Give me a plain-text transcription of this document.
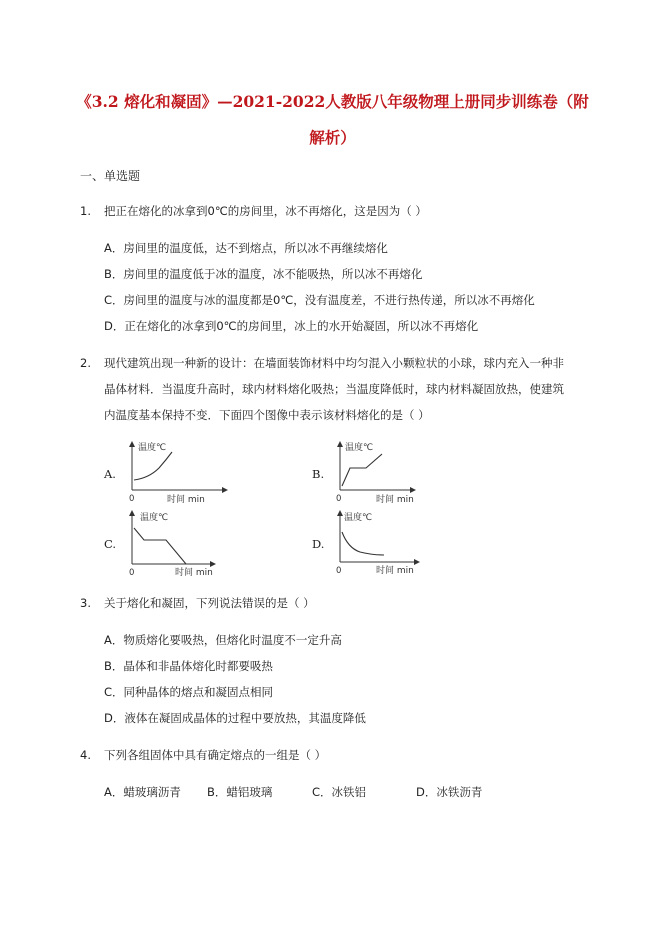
《3.2 熔化和凝固》—2021-2022人教版八年级物理上册同步训练卷（附
解析）
一、单选题
1. 把正在熔化的冰拿到0℃的房间里，冰不再熔化，这是因为（ ）
A．房间里的温度低，达不到熔点，所以冰不再继续熔化
B．房间里的温度低于冰的温度，冰不能吸热，所以冰不再熔化
C．房间里的温度与冰的温度都是0℃，没有温度差，不进行热传递，所以冰不再熔化
D．正在熔化的冰拿到0℃的房间里，冰上的水开始凝固，所以冰不再熔化
2. 现代建筑出现一种新的设计：在墙面装饰材料中均匀混入小颗粒状的小球，球内充入一种非晶体材料．当温度升高时，球内材料熔化吸热；当温度降低时，球内材料凝固放热，使建筑内温度基本保持不变．下面四个图像中表示该材料熔化的是（ ）
A.	B.
C.	D.
温度℃
时间 min
0
温度℃
时间 min
0
温度℃
时间 min
0
温度℃
时间 min
0
3. 关于熔化和凝固，下列说法错误的是（ ）
A．物质熔化要吸热，但熔化时温度不一定升高
B．晶体和非晶体熔化时都要吸热
C．同种晶体的熔点和凝固点相同
D．液体在凝固成晶体的过程中要放热，其温度降低
4. 下列各组固体中具有确定熔点的一组是（ ）
A．蜡玻璃沥青 B．蜡铝玻璃	C．冰铁铝	D．冰铁沥青
